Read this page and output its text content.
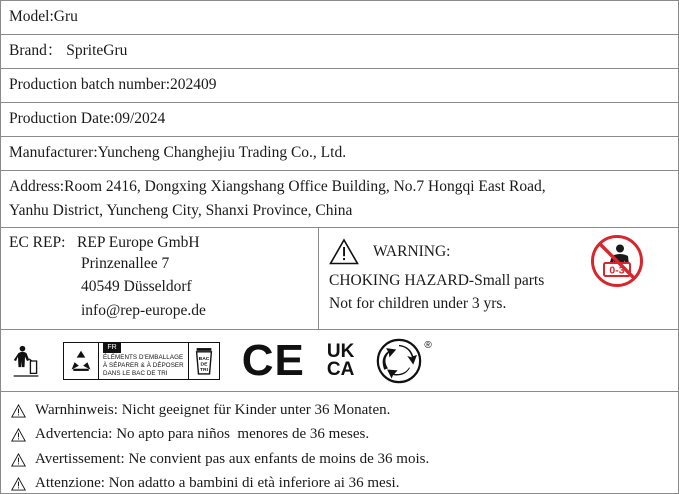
Model:Gru
Brand： SpriteGru
Production batch number:202409
Production Date:09/2024
Manufacturer:Yuncheng Changhejiu Trading Co., Ltd.
Address:Room 2416, Dongxing Xiangshang Office Building, No.7 Hongqi East Road,
Yanhu District, Yuncheng City, Shanxi Province, China
EC REP:   REP Europe GmbH
Prinzenallee 7
40549 Düsseldorf
info@rep-europe.de
WARNING:
CHOKING HAZARD-Small parts
Not for children under 3 yrs.
0-3
FR
ÉLÉMENTS D'EMBALLAGE
À SÉPARER & À DÉPOSER
DANS LE BAC DE TRI
BAC
DE
TRI CE UK
CA
®
Warnhinweis: Nicht geeignet für Kinder unter 36 Monaten.
Advertencia: No apto para niños  menores de 36 meses.
Avertissement: Ne convient pas aux enfants de moins de 36 mois.
Attenzione: Non adatto a bambini di età inferiore ai 36 mesi.
